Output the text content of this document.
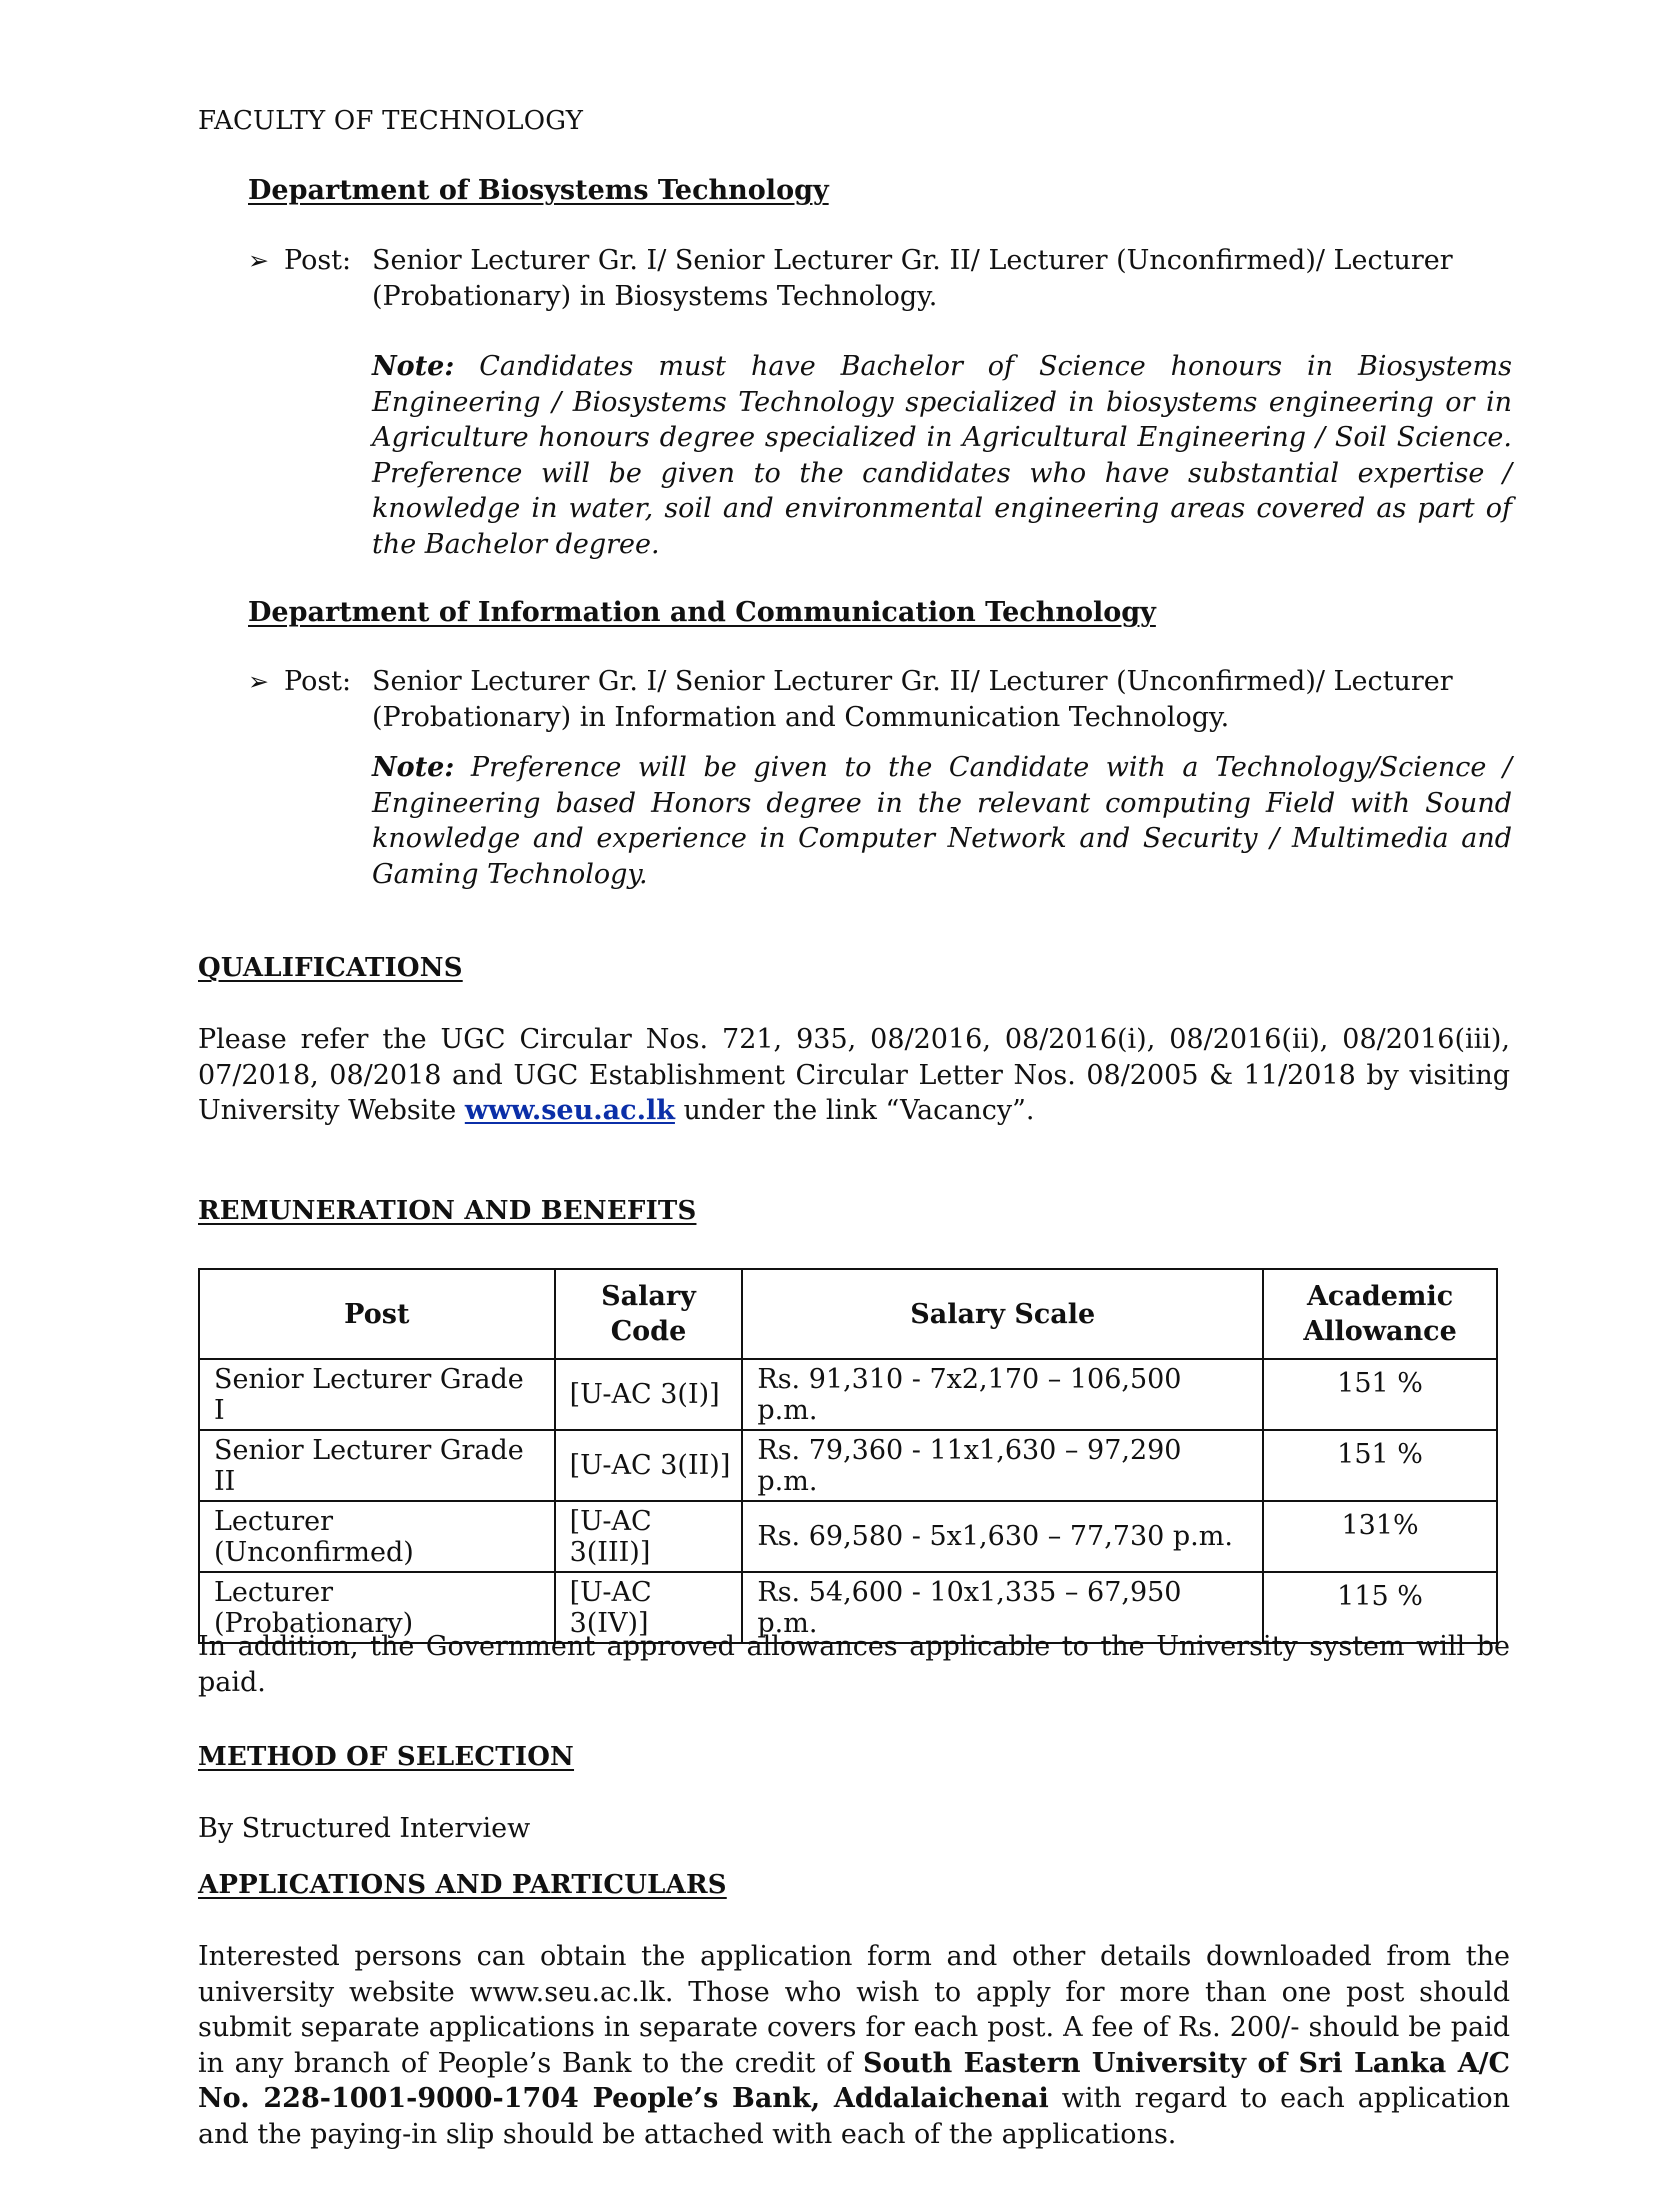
FACULTY OF TECHNOLOGY
Department of Biosystems Technology
➢ Post: Senior Lecturer Gr. I/ Senior Lecturer Gr. II/ Lecturer (Unconfirmed)/ Lecturer (Probationary) in Biosystems Technology.
Note: Candidates must have Bachelor of Science honours in Biosystems Engineering / Biosystems Technology specialized in biosystems engineering or in Agriculture honours degree specialized in Agricultural Engineering / Soil Science. Preference will be given to the candidates who have substantial expertise / knowledge in water, soil and environmental engineering areas covered as part of the Bachelor degree.
Department of Information and Communication Technology
➢ Post: Senior Lecturer Gr. I/ Senior Lecturer Gr. II/ Lecturer (Unconfirmed)/ Lecturer (Probationary) in Information and Communication Technology.
Note: Preference will be given to the Candidate with a Technology/Science / Engineering based Honors degree in the relevant computing Field with Sound knowledge and experience in Computer Network and Security / Multimedia and Gaming Technology.
QUALIFICATIONS
Please refer the UGC Circular Nos. 721, 935, 08/2016, 08/2016(i), 08/2016(ii), 08/2016(iii), 07/2018, 08/2018 and UGC Establishment Circular Letter Nos. 08/2005 & 11/2018 by visiting University Website www.seu.ac.lk under the link “Vacancy”.
REMUNERATION AND BENEFITS
Post	Salary Code	Salary Scale	Academic Allowance
Senior Lecturer Grade I	[U-AC 3(I)]	Rs. 91,310 - 7x2,170 – 106,500 p.m.	151 %
Senior Lecturer Grade II	[U-AC 3(II)]	Rs. 79,360 - 11x1,630 – 97,290 p.m.	151 %
Lecturer (Unconfirmed)	[U-AC 3(III)]	Rs. 69,580 - 5x1,630 – 77,730 p.m.	131%
Lecturer (Probationary)	[U-AC 3(IV)]	Rs. 54,600 - 10x1,335 – 67,950 p.m.	115 %
In addition, the Government approved allowances applicable to the University system will be paid.
METHOD OF SELECTION
By Structured Interview
APPLICATIONS AND PARTICULARS
Interested persons can obtain the application form and other details downloaded from the university website www.seu.ac.lk. Those who wish to apply for more than one post should submit separate applications in separate covers for each post. A fee of Rs. 200/- should be paid in any branch of People’s Bank to the credit of South Eastern University of Sri Lanka A/C No. 228-1001-9000-1704 People’s Bank, Addalaichenai with regard to each application and the paying-in slip should be attached with each of the applications.
